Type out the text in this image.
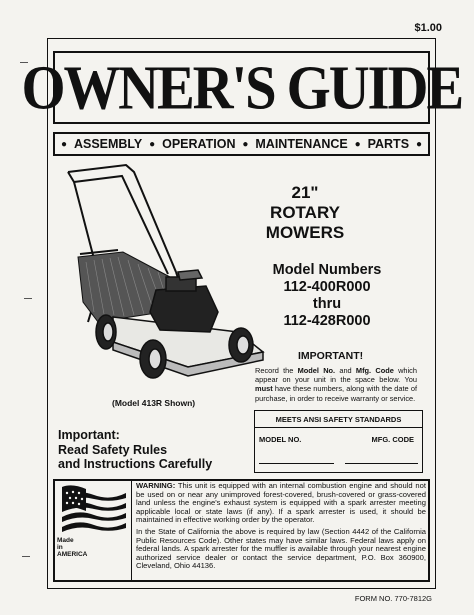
$1.00
OWNER'S GUIDE
● ASSEMBLY ● OPERATION ● MAINTENANCE ● PARTS ●
21"
ROTARY
MOWERS
Model Numbers
112-400R000
thru
112-428R000
IMPORTANT!
Record the Model No. and Mfg. Code which appear on your unit in the space below. You must have these numbers, along with the date of purchase, in order to receive warranty or service.
MEETS ANSI SAFETY STANDARDS
MODEL NO.	MFG. CODE
(Model 413R Shown)
Important:
Read Safety Rules
and Instructions Carefully
Made
in
AMERICA

WARNING: This unit is equipped with an internal combustion engine and should not be used on or near any unimproved forest-covered, brush-covered or grass-covered land unless the engine's exhaust system is equipped with a spark arrester meeting applicable local or state laws (if any). If a spark arrester is used, it should be maintained in effective working order by the operator.

In the State of California the above is required by law (Section 4442 of the California Public Resources Code). Other states may have similar laws. Federal laws apply on federal lands. A spark arrester for the muffler is available through your nearest engine authorized service dealer or contact the service department, P.O. Box 360900, Cleveland, Ohio 44136.

FORM NO. 770-7812G
